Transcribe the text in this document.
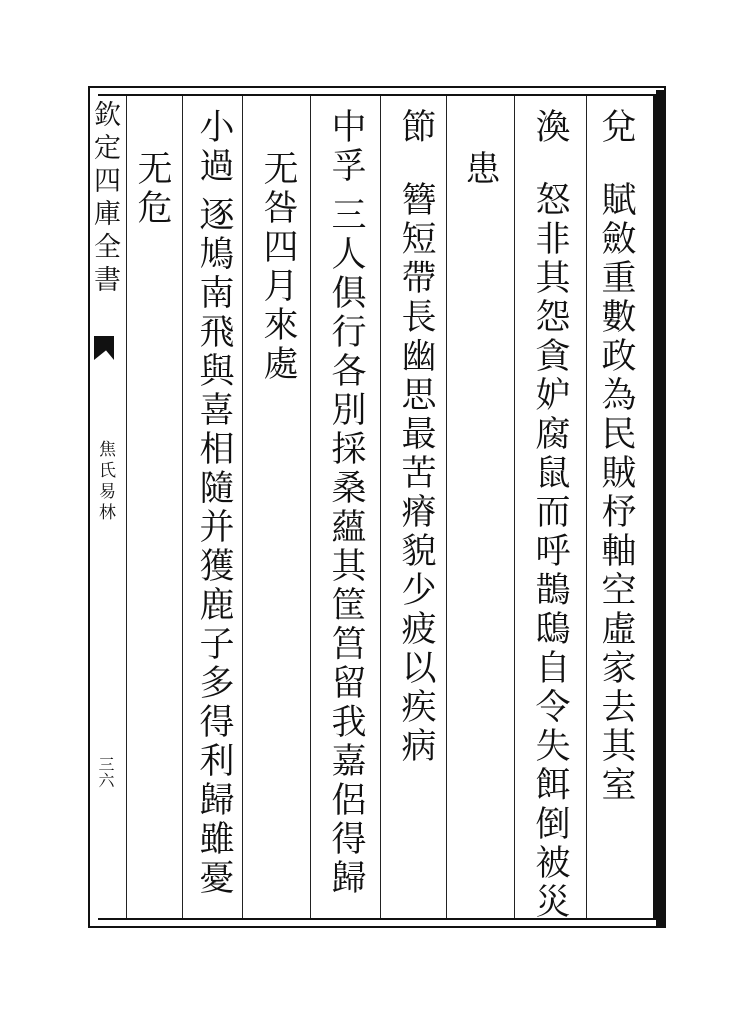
欽定四庫全書
焦氏易林
三六
兌賦斂重數政為民賊杼軸空虛家去其室
渙怒非其怨貪妒腐鼠而呼鵲鴟自令失餌倒被災
患
節簪短帶長幽思最苦瘠貌少疲以疾病
中孚三人俱行各別採桑蘊其筐筥留我嘉侶得歸
无咎四月來處
小過逐鳩南飛與喜相隨并獲鹿子多得利歸雖憂
无危
